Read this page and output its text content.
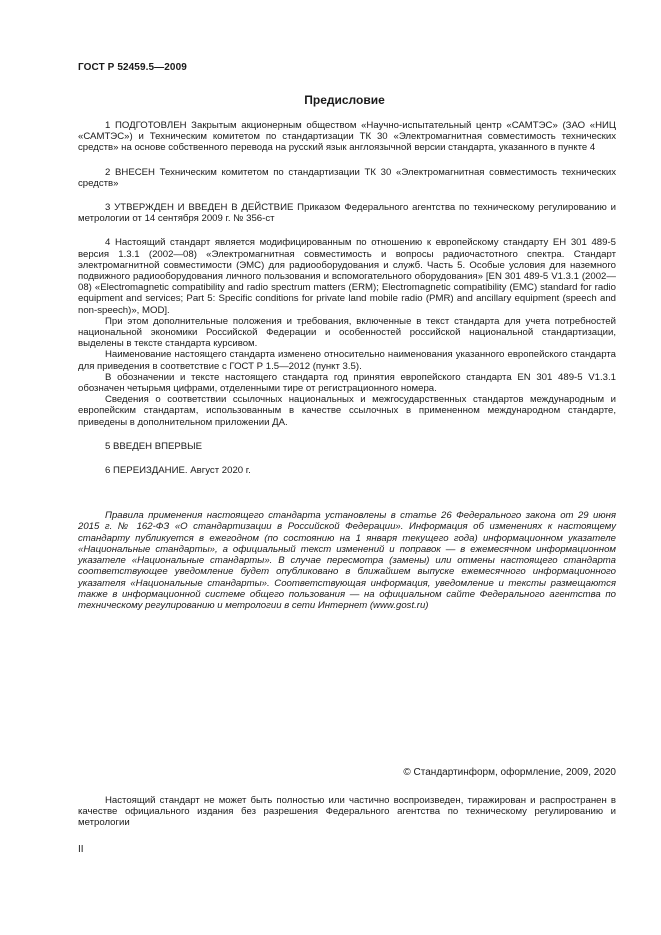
ГОСТ Р 52459.5—2009
Предисловие

1 ПОДГОТОВЛЕН Закрытым акционерным обществом «Научно-испытательный центр «САМТЭС» (ЗАО «НИЦ «САМТЭС») и Техническим комитетом по стандартизации ТК 30 «Электромагнитная совместимость технических средств» на основе собственного перевода на русский язык англоязычной версии стандарта, указанного в пункте 4

2 ВНЕСЕН Техническим комитетом по стандартизации ТК 30 «Электромагнитная совместимость технических средств»

3 УТВЕРЖДЕН И ВВЕДЕН В ДЕЙСТВИЕ Приказом Федерального агентства по техническому регулированию и метрологии от 14 сентября 2009 г. № 356-ст

4 Настоящий стандарт является модифицированным по отношению к европейскому стандарту ЕН 301 489-5 версия 1.3.1 (2002—08) «Электромагнитная совместимость и вопросы радиочастотного спектра. Стандарт электромагнитной совместимости (ЭМС) для радиооборудования и служб. Часть 5. Особые условия для наземного подвижного радиооборудования личного пользования и вспомогательного оборудования» [EN 301 489-5 V1.3.1 (2002—08) «Electromagnetic compatibility and radio spectrum matters (ERM); Electromagnetic compatibility (EMC) standard for radio equipment and services; Part 5: Specific conditions for private land mobile radio (PMR) and ancillary equipment (speech and non-speech)», MOD].

При этом дополнительные положения и требования, включенные в текст стандарта для учета потребностей национальной экономики Российской Федерации и особенностей российской национальной стандартизации, выделены в тексте стандарта курсивом.

Наименование настоящего стандарта изменено относительно наименования указанного европейского стандарта для приведения в соответствие с ГОСТ Р 1.5—2012 (пункт 3.5).

В обозначении и тексте настоящего стандарта год принятия европейского стандарта EN 301 489-5 V1.3.1 обозначен четырьмя цифрами, отделенными тире от регистрационного номера.

Сведения о соответствии ссылочных национальных и межгосударственных стандартов международным и европейским стандартам, использованным в качестве ссылочных в примененном международном стандарте, приведены в дополнительном приложении ДА.

5 ВВЕДЕН ВПЕРВЫЕ

6 ПЕРЕИЗДАНИЕ. Август 2020 г.

Правила применения настоящего стандарта установлены в статье 26 Федерального закона от 29 июня 2015 г. № 162-ФЗ «О стандартизации в Российской Федерации». Информация об изменениях к настоящему стандарту публикуется в ежегодном (по состоянию на 1 января текущего года) информационном указателе «Национальные стандарты», а официальный текст изменений и поправок — в ежемесячном информационном указателе «Национальные стандарты». В случае пересмотра (замены) или отмены настоящего стандарта соответствующее уведомление будет опубликовано в ближайшем выпуске ежемесячного информационного указателя «Национальные стандарты». Соответствующая информация, уведомление и тексты размещаются также в информационной системе общего пользования — на официальном сайте Федерального агентства по техническому регулированию и метрологии в сети Интернет (www.gost.ru)

© Стандартинформ, оформление, 2009, 2020

Настоящий стандарт не может быть полностью или частично воспроизведен, тиражирован и распространен в качестве официального издания без разрешения Федерального агентства по техническому регулированию и метрологии

II
